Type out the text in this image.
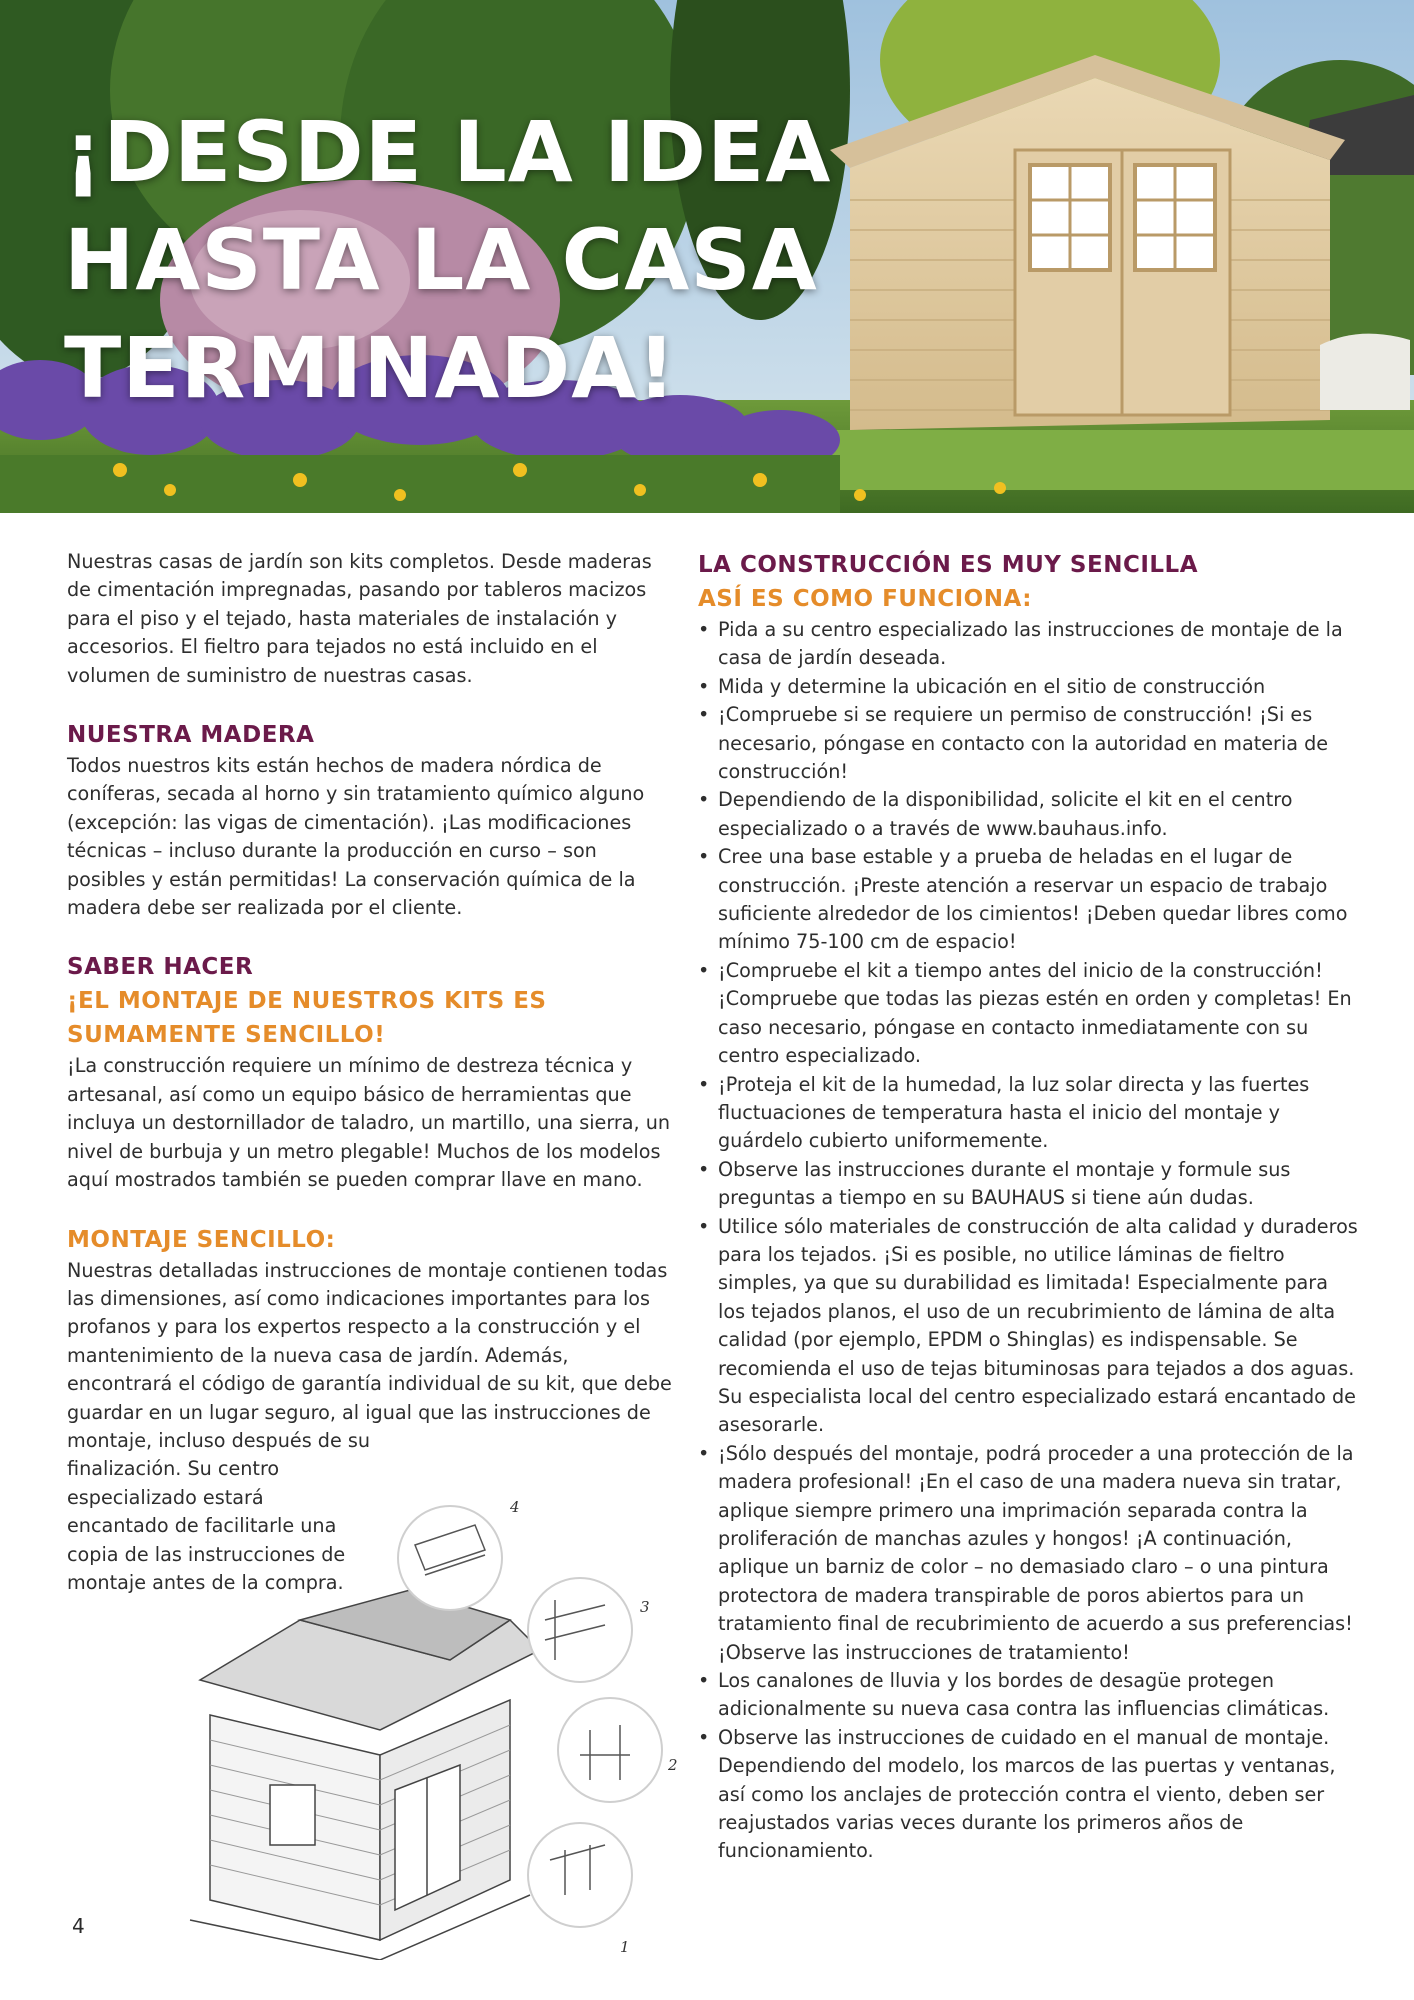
¡DESDE LA IDEA
HASTA LA CASA
TERMINADA!

Nuestras casas de jardín son kits completos. Desde maderas de cimentación impregnadas, pasando por tableros macizos para el piso y el tejado, hasta materiales de instalación y accesorios. El fieltro para tejados no está incluido en el volumen de suministro de nuestras casas.

NUESTRA MADERA

Todos nuestros kits están hechos de madera nórdica de coníferas, secada al horno y sin tratamiento químico alguno (excepción: las vigas de cimentación). ¡Las modificaciones técnicas – incluso durante la producción en curso – son posibles y están permitidas! La conservación química de la madera debe ser realizada por el cliente.

SABER HACER
¡EL MONTAJE DE NUESTROS KITS ES SUMAMENTE SENCILLO!

¡La construcción requiere un mínimo de destreza técnica y artesanal, así como un equipo básico de herramientas que incluya un destornillador de taladro, un martillo, una sierra, un nivel de burbuja y un metro plegable! Muchos de los modelos aquí mostrados también se pueden comprar llave en mano.

MONTAJE SENCILLO:

Nuestras detalladas instrucciones de montaje contienen todas las dimensiones, así como indicaciones importantes para los profanos y para los expertos respecto a la construcción y el mantenimiento de la nueva casa de jardín. Además, encontrará el código de garantía individual de su kit, que debe guardar en un lugar seguro, al igual que las instrucciones de montaje, incluso después de su

finalización. Su centro especializado estará encantado de facilitarle una copia de las instrucciones de montaje antes de la compra.

LA CONSTRUCCIÓN ES MUY SENCILLA
ASÍ ES COMO FUNCIONA:
• Pida a su centro especializado las instrucciones de montaje de la casa de jardín deseada.
• Mida y determine la ubicación en el sitio de construcción
• ¡Compruebe si se requiere un permiso de construcción! ¡Si es necesario, póngase en contacto con la autoridad en materia de construcción!
• Dependiendo de la disponibilidad, solicite el kit en el centro especializado o a través de www.bauhaus.info.
• Cree una base estable y a prueba de heladas en el lugar de construcción. ¡Preste atención a reservar un espacio de trabajo suficiente alrededor de los cimientos! ¡Deben quedar libres como mínimo 75-100 cm de espacio!
• ¡Compruebe el kit a tiempo antes del inicio de la construcción! ¡Compruebe que todas las piezas estén en orden y completas! En caso necesario, póngase en contacto inmediatamente con su centro especializado.
• ¡Proteja el kit de la humedad, la luz solar directa y las fuertes fluctuaciones de temperatura hasta el inicio del montaje y guárdelo cubierto uniformemente.
• Observe las instrucciones durante el montaje y formule sus preguntas a tiempo en su BAUHAUS si tiene aún dudas.
• Utilice sólo materiales de construcción de alta calidad y duraderos para los tejados. ¡Si es posible, no utilice láminas de fieltro simples, ya que su durabilidad es limitada! Especialmente para los tejados planos, el uso de un recubrimiento de lámina de alta calidad (por ejemplo, EPDM o Shinglas) es indispensable. Se recomienda el uso de tejas bituminosas para tejados a dos aguas. Su especialista local del centro especializado estará encantado de asesorarle.
• ¡Sólo después del montaje, podrá proceder a una protección de la madera profesional! ¡En el caso de una madera nueva sin tratar, aplique siempre primero una imprimación separada contra la proliferación de manchas azules y hongos! ¡A continuación, aplique un barniz de color – no demasiado claro – o una pintura protectora de madera transpirable de poros abiertos para un tratamiento final de recubrimiento de acuerdo a sus preferencias! ¡Observe las instrucciones de tratamiento!
• Los canalones de lluvia y los bordes de desagüe protegen adicionalmente su nueva casa contra las influencias climáticas.
• Observe las instrucciones de cuidado en el manual de montaje. Dependiendo del modelo, los marcos de las puertas y ventanas, así como los anclajes de protección contra el viento, deben ser reajustados varias veces durante los primeros años de funcionamiento.
4
3
2
1
4
